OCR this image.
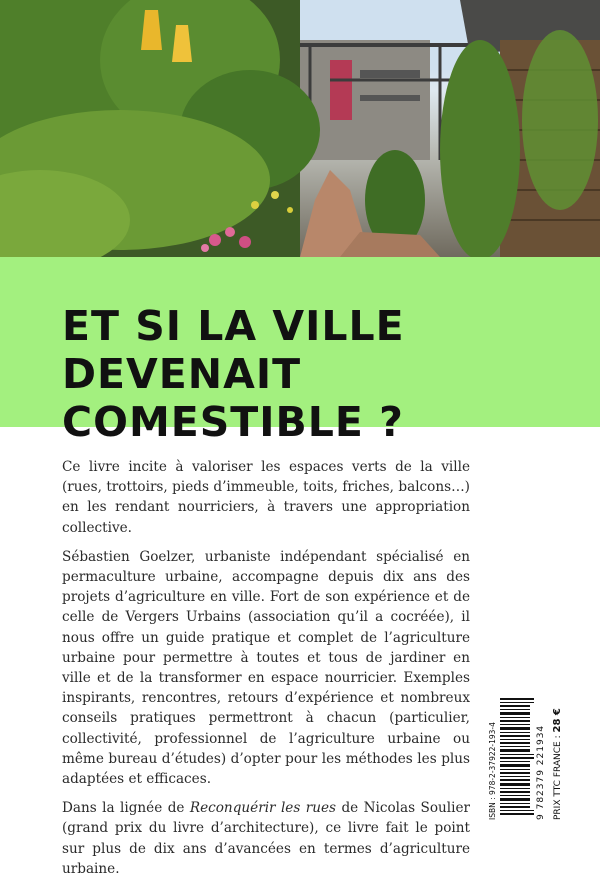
ET SI LA VILLE
DEVENAIT COMESTIBLE ?

Ce livre incite à valoriser les espaces verts de la ville (rues, trottoirs, pieds d’immeuble, toits, friches, balcons…) en les rendant nourriciers, à travers une appropriation collective.

Sébastien Goelzer, urbaniste indépendant spécialisé en permaculture urbaine, accompagne depuis dix ans des projets d’agriculture en ville. Fort de son expérience et de celle de Vergers Urbains (association qu’il a cocréée), il nous offre un guide pratique et complet de l’agriculture urbaine pour permettre à toutes et tous de jardiner en ville et de la transformer en espace nourricier. Exemples inspirants, rencontres, retours d’expérience et nombreux conseils pratiques permettront à chacun (particulier, collectivité, professionnel de l’agriculture urbaine ou même bureau d’études) d’opter pour les méthodes les plus adaptées et efficaces.

Dans la lignée de Reconquérir les rues de Nicolas Soulier (grand prix du livre d’architecture), ce livre fait le point sur plus de dix ans d’avancées en termes d’agriculture urbaine.

ISBN : 978-2-37922-193-4	9 782379 221934 PRIX TTC FRANCE : 28 €
